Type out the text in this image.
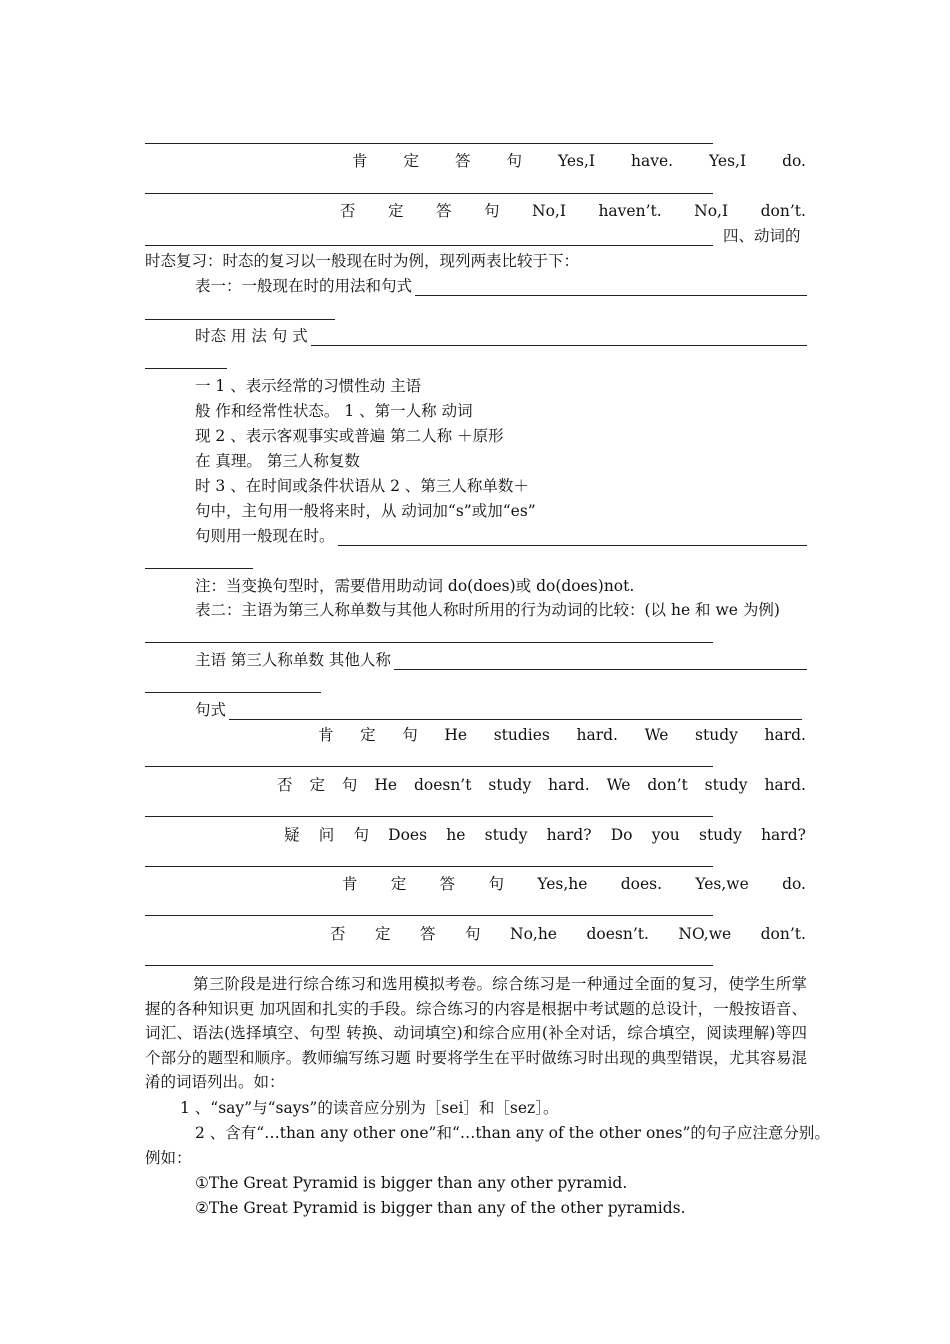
肯 定 答 句 Yes,I have. Yes,I do.
否 定 答 句 No,I haven’t. No,I don’t.
四、动词的
时态复习：时态的复习以一般现在时为例，现列两表比较于下：
表一：一般现在时的用法和句式
时态 用 法 句 式
一 1 、表示经常的习惯性动 主语
般 作和经常性状态。 1 、第一人称 动词
现 2 、表示客观事实或普遍 第二人称 ＋原形
在 真理。 第三人称复数
时 3 、在时间或条件状语从 2 、第三人称单数＋
句中，主句用一般将来时，从 动词加“s”或加“es”
句则用一般现在时。
注：当变换句型时，需要借用助动词 do(does)或 do(does)not.
表二：主语为第三人称单数与其他人称时所用的行为动词的比较：(以 he 和 we 为例)
主语 第三人称单数 其他人称
句式
肯 定 句 He studies hard. We study hard.
否 定 句 He doesn’t study hard. We don’t study hard.
疑 问 句 Does he study hard? Do you study hard?
肯 定 答 句 Yes,he does. Yes,we do.
否 定 答 句 No,he doesn’t. NO,we don’t.
第三阶段是进行综合练习和选用模拟考卷。综合练习是一种通过全面的复习，使学生所掌握的各种知识更 加巩固和扎实的手段。综合练习的内容是根据中考试题的总设计，一般按语音、词汇、语法(选择填空、句型 转换、动词填空)和综合应用(补全对话，综合填空，阅读理解)等四个部分的题型和顺序。教师编写练习题 时要将学生在平时做练习时出现的典型错误，尤其容易混淆的词语列出。如：
1 、“say”与“says”的读音应分别为［sei］和［sez］。
2 、含有“…than any other one”和“…than any of the other ones”的句子应注意分别。
例如：
①The Great Pyramid is bigger than any other pyramid.
②The Great Pyramid is bigger than any of the other pyramids.
